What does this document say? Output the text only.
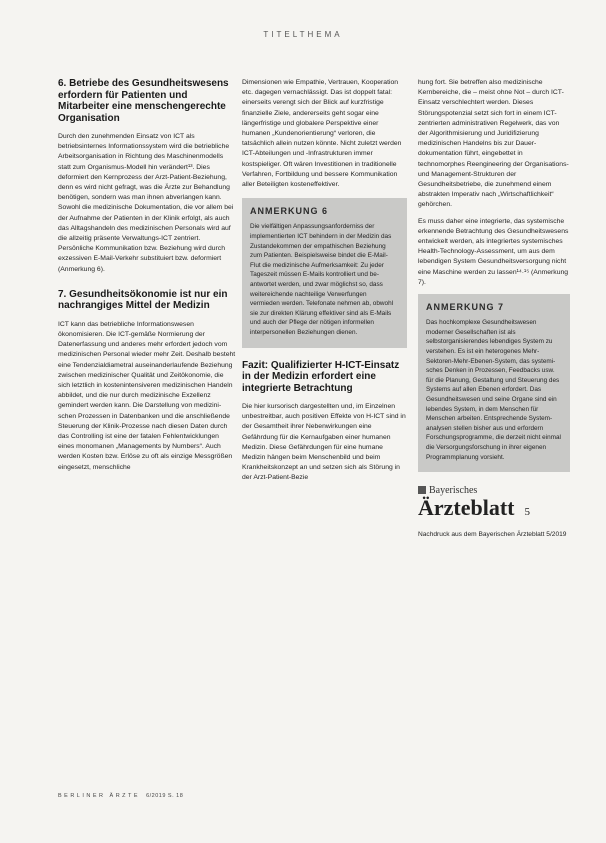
TITELTHEMA
6. Betriebe des Gesundheitswesens erfordern für Patienten und Mitarbeiter eine menschengerechte Organisation

Durch den zunehmenden Einsatz von ICT als betriebsinternes Informationssystem wird die betriebliche Arbeitsorganisation in Richtung des Maschinenmodells statt zum Organismus-Modell hin verändert¹³. Dies deformiert den Kernprozess der Arzt-Patient-Beziehung, denn es wird nicht gefragt, was die Ärzte zur Behandlung benötigen, sondern was man ihnen abverlangen kann. Sowohl die medizinische Dokumentation, die vor allem bei der Aufnahme der Patienten in der Klinik erfolgt, als auch das Alltagshandeln des medizinischen Personals wird auf die allzeitig präsente Verwaltungs-ICT zentriert. Persönliche Kommunikation bzw. Beziehung wird durch exzessiven E-Mail-Verkehr substituiert bzw. deformiert (Anmerkung 6).

7. Gesundheitsökonomie ist nur ein nachrangiges Mittel der Medizin

ICT kann das betriebliche Informationswesen ökonomisieren. Die ICT-gemäße Normierung der Datenerfassung und anderes mehr erfordert jedoch vom medizinischen Personal wieder mehr Zeit. Deshalb besteht eine Tendenzialdiametral auseinanderlaufende Beziehung zwischen medizinischer Qualität und Zeitökonomie, die sich letztlich in kostenintensiveren medizinischen Handeln abbildet, und die nur durch medizinische Exzellenz gemindert werden kann. Die Darstellung von medizinischen Prozessen in Datenbanken und die anschließende Steuerung der Klinik-Prozesse nach diesen Daten durch das Controlling ist eine der fatalen Fehlentwicklungen eines monomanen „Managements by Numbers“. Auch werden Kosten bzw. Erlöse zu oft als einzige Messgrößen eingesetzt, menschliche

Dimensionen wie Empathie, Vertrauen, Kooperation etc. dagegen vernachlässigt. Das ist doppelt fatal: einerseits verengt sich der Blick auf kurzfristige finanzielle Ziele, andererseits geht sogar eine längerfristige und globalere Perspektive einer humanen „Kundenorientierung“ verloren, die tatsächlich allein nutzen könnte. Nicht zuletzt werden ICT-Abteilungen und -Infrastrukturen immer kostspieliger. Oft wären Investitionen in traditionelle Verfahren, Fortbildung und bessere Kommunikation aller Beteiligten kosteneffektiver.

ANMERKUNG 6

Die vielfältigen Anpassungsanforderniss der implementierten ICT behindern in der Medizin das Zustandekommen der empathischen Beziehung zum Patienten. Beispielsweise bindet die E-Mail-Flut die medizinische Aufmerksamkeit: Zu jeder Tageszeit müssen E-Mails kontrolliert und beantwortet werden, und zwar möglichst so, dass weitereichende nachteilige Verwerfungen vermieden werden. Telefonate nehmen ab, obwohl sie zur direkten Klärung effektiver sind als E-Mails und auch der Pflege der nötigen informellen interpersonellen Beziehungen dienen.

Fazit: Qualifizierter H-ICT-Einsatz in der Medizin erfordert eine integrierte Betrachtung

Die hier kursorisch dargestellten und, im Einzelnen unbestreitbar, auch positiven Effekte von H-ICT sind in der Gesamtheit ihrer Nebenwirkungen eine Gefährdung für die Kernaufgaben einer humanen Medizin. Diese Gefährdungen für eine humane Medizin hängen beim Menschenbild und beim Krankheitskonzept an und setzen sich als Störung in der Arzt-Patient-Bezie

hung fort. Sie betreffen also medizinische Kernbereiche, die – meist ohne Not – durch ICT-Einsatz verschlechtert werden. Dieses Störungspotenzial setzt sich fort in einem ICT-zentrierten administrativen Regelwerk, das von der Algorithmisierung und Juridifizierung medizinischen Handelns bis zur Dauerdokumentation führt, eingebettet in technomorphes Reengineering der Organisations- und Management-Strukturen der Gesundheitsbetriebe, die zunehmend einem abstrakten Imperativ nach „Wirtschaftlichkeit“ gehörchen.

Es muss daher eine integrierte, das systemische erkennende Betrachtung des Gesundheitswesens entwickelt werden, als integriertes systemisches Health-Technology-Assessment, um aus dem lebendigen System Gesundheitsversorgung nicht eine Maschine werden zu lassen¹⁴·¹⁵ (Anmerkung 7).

ANMERKUNG 7

Das hochkomplexe Gesundheitswesen moderner Gesellschaften ist als selbstorganisierendes lebendiges System zu verstehen. Es ist ein heterogenes Mehr-Sektoren-Mehr-Ebenen-System, das systemisches Denken in Prozessen, Feedbacks usw. für die Planung, Gestaltung und Steuerung des Systems auf allen Ebenen erfordert. Das Gesundheitswesen und seine Organe sind ein lebendes System, in dem Menschen für Menschen arbeiten. Entsprechende Systemanalysen stellen bisher aus und erfordern Forschungsprogramme, die derzeit nicht einmal die Versorgungsforschung in ihrer eigenen Programmplanung vorsieht.

Bayerisches
Ärzteblatt 5
Nachdruck aus dem Bayerischen Ärzteblatt 5/2019
BERLINER ÄRZTE 6/2019 S. 18
